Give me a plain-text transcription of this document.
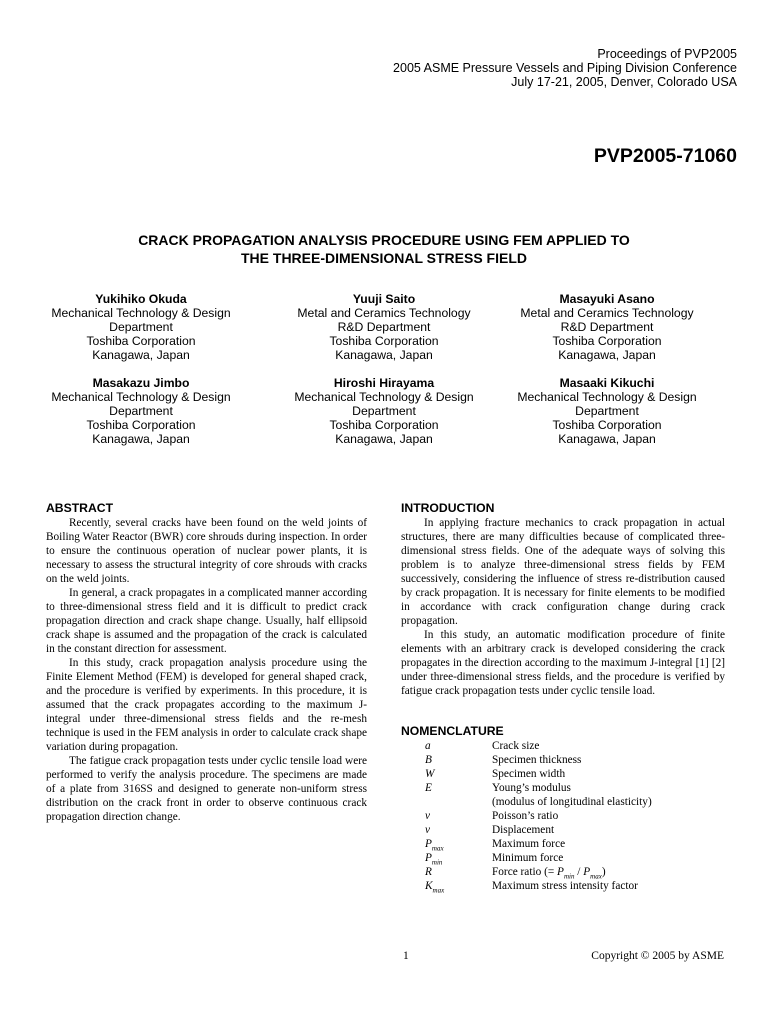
Proceedings of PVP2005
2005 ASME Pressure Vessels and Piping Division Conference
July 17-21, 2005, Denver, Colorado USA
PVP2005-71060
CRACK PROPAGATION ANALYSIS PROCEDURE USING FEM APPLIED TO
THE THREE-DIMENSIONAL STRESS FIELD
Yukihiko Okuda
Mechanical Technology & Design
Department
Toshiba Corporation
Kanagawa, Japan
Yuuji Saito
Metal and Ceramics Technology
R&D Department
Toshiba Corporation
Kanagawa, Japan
Masayuki Asano
Metal and Ceramics Technology
R&D Department
Toshiba Corporation
Kanagawa, Japan
Masakazu Jimbo
Mechanical Technology & Design
Department
Toshiba Corporation
Kanagawa, Japan
Hiroshi Hirayama
Mechanical Technology & Design
Department
Toshiba Corporation
Kanagawa, Japan
Masaaki Kikuchi
Mechanical Technology & Design
Department
Toshiba Corporation
Kanagawa, Japan
ABSTRACT

Recently, several cracks have been found on the weld joints of Boiling Water Reactor (BWR) core shrouds during inspection. In order to ensure the continuous operation of nuclear power plants, it is necessary to assess the structural integrity of core shrouds with cracks on the weld joints.

In general, a crack propagates in a complicated manner according to three-dimensional stress field and it is difficult to predict crack propagation direction and crack shape change. Usually, half ellipsoid crack shape is assumed and the propagation of the crack is calculated in the constant direction for assessment.

In this study, crack propagation analysis procedure using the Finite Element Method (FEM) is developed for general shaped crack, and the procedure is verified by experiments. In this procedure, it is assumed that the crack propagates according to the maximum J-integral under three-dimensional stress fields and the re-mesh technique is used in the FEM analysis in order to calculate crack shape variation during propagation.

The fatigue crack propagation tests under cyclic tensile load were performed to verify the analysis procedure. The specimens are made of a plate from 316SS and designed to generate non-uniform stress distribution on the crack front in order to observe continuous crack propagation direction change.

INTRODUCTION

In applying fracture mechanics to crack propagation in actual structures, there are many difficulties because of complicated three-dimensional stress fields. One of the adequate ways of solving this problem is to analyze three-dimensional stress fields by FEM successively, considering the influence of stress re-distribution caused by crack propagation. It is necessary for finite elements to be modified in accordance with crack configuration change during crack propagation.

In this study, an automatic modification procedure of finite elements with an arbitrary crack is developed considering the crack propagates in the direction according to the maximum J-integral [1] [2] under three-dimensional stress fields, and the procedure is verified by fatigue crack propagation tests under cyclic tensile load.

NOMENCLATURE
a	Crack size
B	Specimen thickness
W	Specimen width
E	Young’s modulus
(modulus of longitudinal elasticity)
ν	Poisson’s ratio
v	Displacement
$P_{max}$	Maximum force
$P_{min}$	Minimum force
R	Force ratio (= $P_{min} / P_{max}$)
$K_{max}$	Maximum stress intensity factor
1	Copyright © 2005 by ASME
